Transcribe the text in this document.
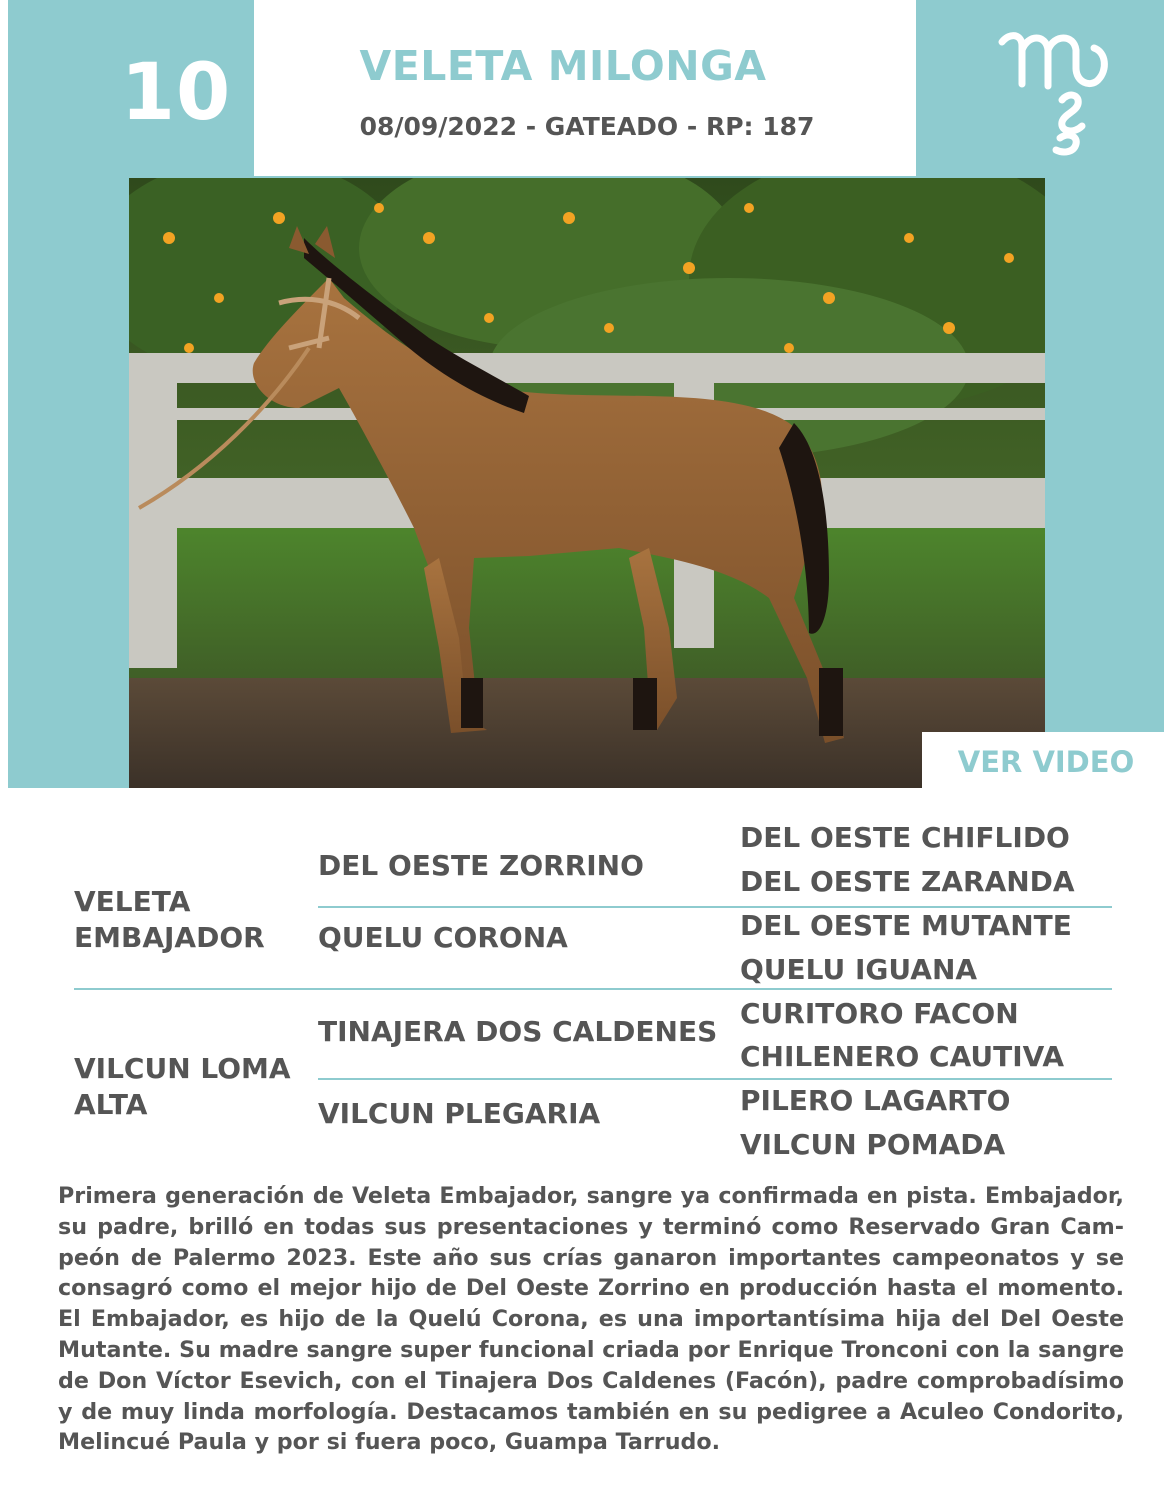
10	VELETA MILONGA
08/09/2022 - GATEADO - RP: 187
VER VIDEO
VELETA EMBAJADOR
DEL OESTE ZORRINO
QUELU CORONA
DEL OESTE CHIFLIDO
DEL OESTE ZARANDA
DEL OESTE MUTANTE
QUELU IGUANA
VILCUN LOMA ALTA
TINAJERA DOS CALDENES
VILCUN PLEGARIA
CURITORO FACON
CHILENERO CAUTIVA
PILERO LAGARTO
VILCUN POMADA
Primera generación de Veleta Embajador, sangre ya confirmada en pista. Embajador, su padre, brilló en todas sus presentaciones y terminó como Reservado Gran Campeón de Palermo 2023. Este año sus crías ganaron importantes campeonatos y se consagró como el mejor hijo de Del Oeste Zorrino en producción hasta el momento. El Embajador, es hijo de la Quelú Corona, es una importantísima hija del Del Oeste Mutante. Su madre sangre super funcional criada por Enrique Tronconi con la sangre de Don Víctor Esevich, con el Tinajera Dos Caldenes (Facón), padre comprobadísimo y de muy linda morfología. Destacamos también en su pedigree a Aculeo Condorito, Melincué Paula y por si fuera poco, Guampa Tarrudo.
